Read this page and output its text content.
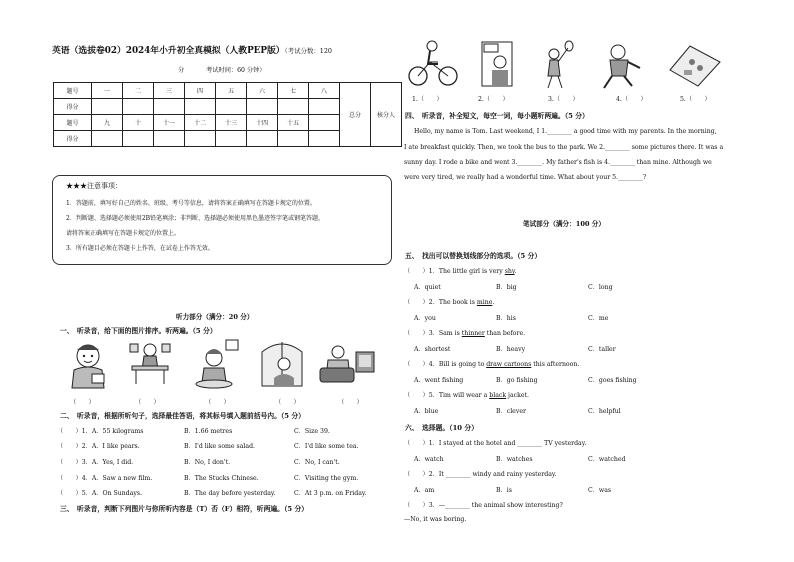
英语（选拔卷02）2024年小升初全真模拟（人教PEP版）（考试分数：120
分	考试时间：60 分钟）
题号	一	二	三	四	五	六	七	八	总分	核分人
得分										
题号	九	十	十一	十二	十三	十四	十五			
得分										
★★★注意事项：
1．答题前，填写好自己的姓名、班级、考号等信息，请将答案正确填写在答题卡规定的位置。
2．判断题、选择题必须使用2B铅笔填涂；非判断、选择题必须使用黑色墨迹签字笔或钢笔答题，
请将答案正确填写在答题卡规定的位置上。
3．所有题目必须在答题卡上作答，在试卷上作答无效。
听力部分（满分：20 分）
一、　听录音，给下面的图片排序。听两遍。（5 分）
（　　）	（　　）	（　　）	（　　）	（　　）
二、　听录音，根据所听句子，选择最佳答语，将其标号填入题前括号内。（5 分）
（　　）1．A．55 kilograms	B．1.66 metres	C．Size 39.
（　　）2．A．I like pears.	B．I'd like some salad.	C．I'd like some tea.
（　　）3．A．Yes, I did.	B．No, I don't.	C．No, I can't.
（　　）4．A．Saw a new film.	B．The Stucks Chinese.	C．Visiting the gym.
（　　）5．A．On Sundays.	B．The day before yesterday.	C．At 3 p.m. on Friday.
三、　听录音，判断下列图片与你所听内容是（T）否（F）相符，听两遍。（5 分）
1.（　　）	2.（　　）	3.（　　）	4.（　　）	5.（　　）
四、　听录音，补全短文，每空一词，每小题听两遍。（5 分）
Hello, my name is Tom. Last weekend, I 1.________ a good time with my parents. In the morning,
I ate breakfast quickly. Then, we took the bus to the park. We 2.________ some pictures there. It was a
sunny day. I rode a bike and went 3.________. My father's fish is 4.________ than mine. Although we
were very tired, we really had a wonderful time. What about your 5.________?
笔试部分（满分：100 分）
五、　找出可以替换划线部分的选项。（5 分）
（　　）1．The little girl is very shy.
A．quiet	B．big	C．long
（　　）2．The book is mine.
A．you	B．his	C．me
（　　）3．Sam is thinner than before.
A．shortest	B．heavy	C．taller
（　　）4．Bill is going to draw cartoons this afternoon.
A．went fishing	B．go fishing	C．goes fishing
（　　）5．Tim will wear a black jacket.
A．blue	B．clever	C．helpful
六、　选择题。（10 分）
（　　）1．I stayed at the hotel and ________ TV yesterday.
A．watch	B．watches	C．watched
（　　）2．It ________ windy and rainy yesterday.
A．am	B．is	C．was
（　　）3．—________ the animal show interesting?
—No, it was boring.
